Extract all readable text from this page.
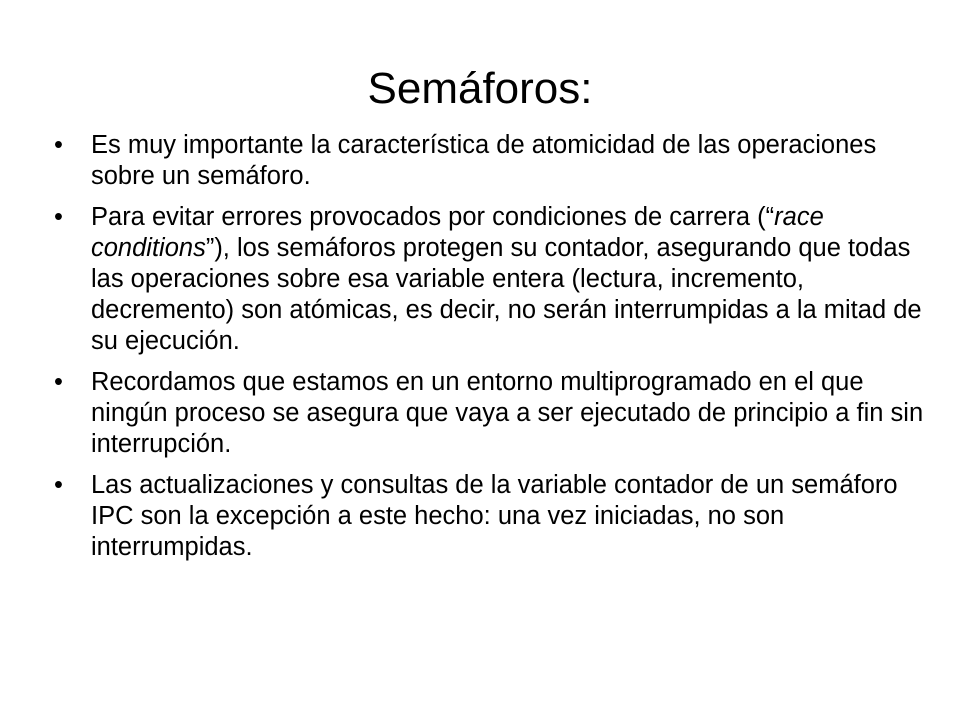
Semáforos:
• Es muy importante la característica de atomicidad de las operaciones sobre un semáforo.
• Para evitar errores provocados por condiciones de carrera (“race conditions”), los semáforos protegen su contador, asegurando que todas las operaciones sobre esa variable entera (lectura, incremento, decremento) son atómicas, es decir, no serán interrumpidas a la mitad de su ejecución.
• Recordamos que estamos en un entorno multiprogramado en el que ningún proceso se asegura que vaya a ser ejecutado de principio a fin sin interrupción.
• Las actualizaciones y consultas de la variable contador de un semáforo IPC son la excepción a este hecho: una vez iniciadas, no son interrumpidas.
